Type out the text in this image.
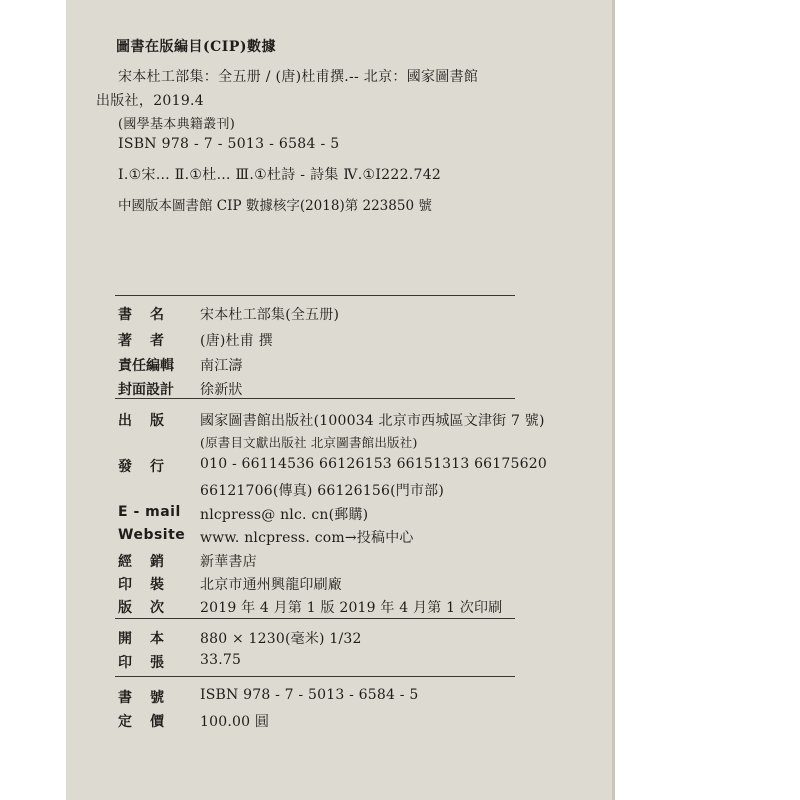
圖書在版編目(CIP)數據
宋本杜工部集：全五册 / (唐)杜甫撰.-- 北京：國家圖書館
出版社，2019.4
(國學基本典籍叢刊)
ISBN 978 - 7 - 5013 - 6584 - 5
Ⅰ.①宋… Ⅱ.①杜… Ⅲ.①杜詩 - 詩集 Ⅳ.①I222.742
中國版本圖書館 CIP 數據核字(2018)第 223850 號
書名 宋本杜工部集(全五册)
著者 (唐)杜甫 撰
責任編輯 南江濤
封面設計 徐新狀
出版 國家圖書館出版社(100034 北京市西城區文津街 7 號)
(原書目文獻出版社 北京圖書館出版社)
發行 010 - 66114536 66126153 66151313 66175620
66121706(傳真) 66126156(門市部)
E - mail nlcpress@ nlc. cn(郵購)
Website www. nlcpress. com→投稿中心
經銷 新華書店
印裝 北京市通州興龍印刷廠
版次 2019 年 4 月第 1 版 2019 年 4 月第 1 次印刷
開本 880 × 1230(毫米) 1/32
印張 33.75
書號 ISBN 978 - 7 - 5013 - 6584 - 5
定價 100.00 圓
